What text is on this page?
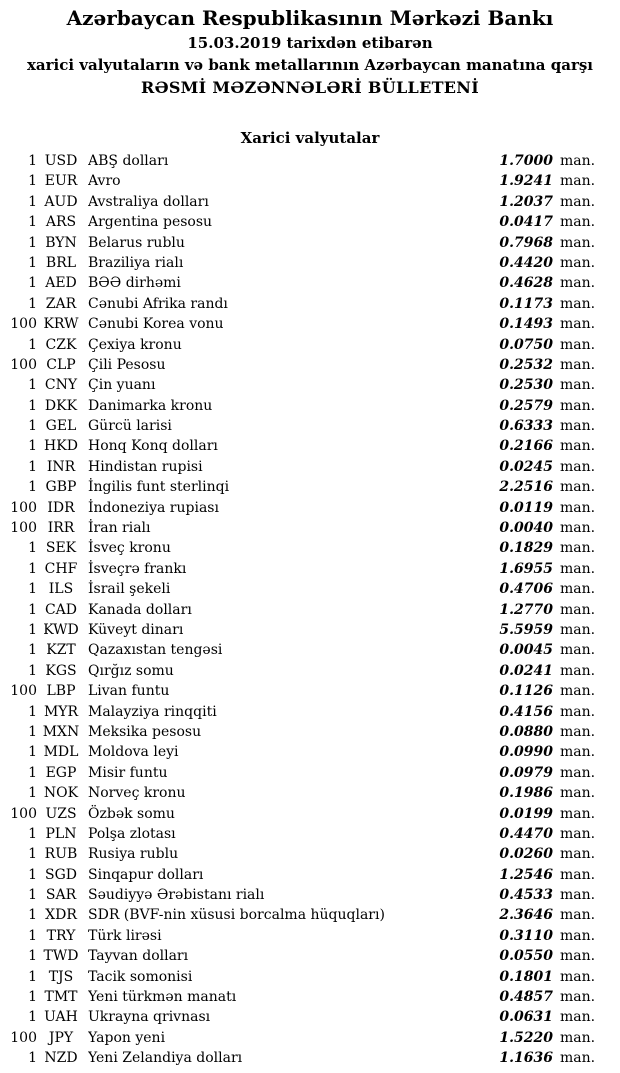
Azərbaycan Respublikasının Mərkəzi Bankı
15.03.2019 tarixdən etibarən
xarici valyutaların və bank metallarının Azərbaycan manatına qarşı
RƏSMİ MƏZƏNNƏLƏRİ BÜLLETENİ
Xarici valyutalar
1 USD ABŞ dolları	1.7000 man.
1 EUR Avro	1.9241 man.
1 AUD Avstraliya dolları	1.2037 man.
1 ARS Argentina pesosu	0.0417 man.
1 BYN Belarus rublu	0.7968 man.
1 BRL Braziliya rialı	0.4420 man.
1 AED BƏƏ dirhəmi	0.4628 man.
1 ZAR Cənubi Afrika randı	0.1173 man.
100 KRW Cənubi Korea vonu	0.1493 man.
1 CZK Çexiya kronu	0.0750 man.
100 CLP Çili Pesosu	0.2532 man.
1 CNY Çin yuanı	0.2530 man.
1 DKK Danimarka kronu	0.2579 man.
1 GEL Gürcü larisi	0.6333 man.
1 HKD Honq Konq dolları	0.2166 man.
1 INR Hindistan rupisi	0.0245 man.
1 GBP İngilis funt sterlinqi	2.2516 man.
100 IDR İndoneziya rupiası	0.0119 man.
100 IRR İran rialı	0.0040 man.
1 SEK İsveç kronu	0.1829 man.
1 CHF İsveçrə frankı	1.6955 man.
1 ILS	İsrail şekeli	0.4706 man.
1 CAD Kanada dolları	1.2770 man.
1 KWD Küveyt dinarı	5.5959 man.
1 KZT Qazaxıstan tengəsi	0.0045 man.
1 KGS Qırğız somu	0.0241 man.
100 LBP Livan funtu	0.1126 man.
1 MYR Malayziya rinqqiti	0.4156 man.
1 MXN Meksika pesosu	0.0880 man.
1 MDL Moldova leyi	0.0990 man.
1 EGP Misir funtu	0.0979 man.
1 NOK Norveç kronu	0.1986 man.
100 UZS Özbək somu	0.0199 man.
1 PLN Polşa zlotası	0.4470 man.
1 RUB Rusiya rublu	0.0260 man.
1 SGD Sinqapur dolları	1.2546 man.
1 SAR Səudiyyə Ərəbistanı rialı	0.4533 man.
1 XDR SDR (BVF-nin xüsusi borcalma hüquqları)	2.3646 man.
1 TRY Türk lirəsi	0.3110 man.
1 TWD Tayvan dolları	0.0550 man.
1 TJS	Tacik somonisi	0.1801 man.
1 TMT Yeni türkmən manatı	0.4857 man.
1 UAH Ukrayna qrivnası	0.0631 man.
100 JPY	Yapon yeni	1.5220 man.
1 NZD Yeni Zelandiya dolları	1.1636 man.
